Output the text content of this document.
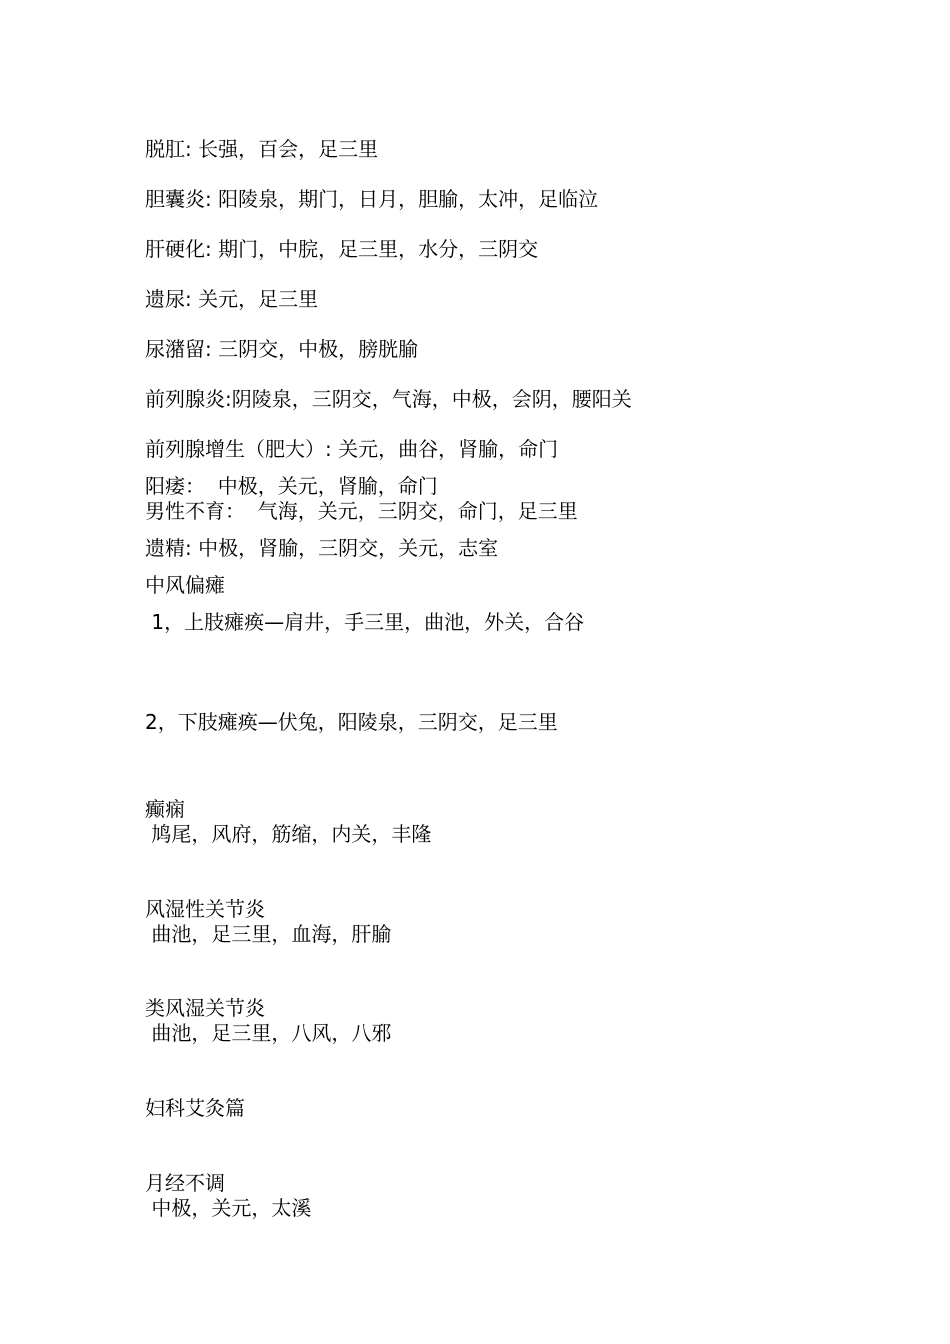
脱肛: 长强，百会，足三里
胆囊炎: 阳陵泉，期门，日月，胆腧，太冲，足临泣
肝硬化: 期门，中脘，足三里，水分，三阴交
遗尿: 关元，足三里
尿潴留: 三阴交，中极，膀胱腧
前列腺炎:阴陵泉，三阴交，气海，中极，会阴，腰阳关
前列腺增生（肥大）: 关元，曲谷，肾腧，命门
阳痿：  中极，关元，肾腧，命门
男性不育：  气海，关元，三阴交，命门，足三里
遗精: 中极，肾腧，三阴交，关元，志室
中风偏瘫
1，上肢瘫痪—肩井，手三里，曲池，外关，合谷
2，下肢瘫痪—伏兔，阳陵泉，三阴交，足三里
癫痫
鸠尾，风府，筋缩，内关，丰隆
风湿性关节炎
曲池，足三里，血海，肝腧
类风湿关节炎
曲池，足三里，八风，八邪
妇科艾灸篇
月经不调
中极，关元，太溪
